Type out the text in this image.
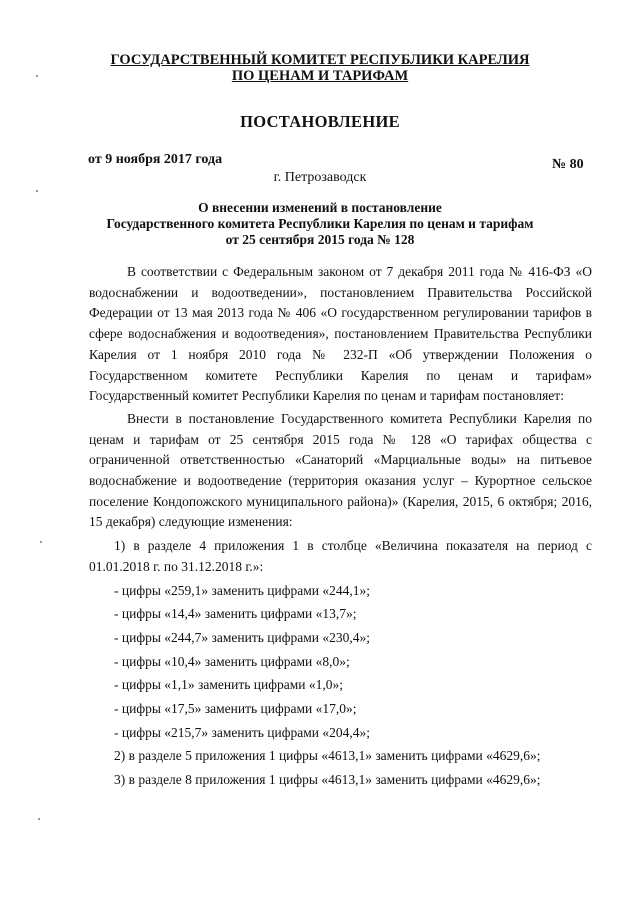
ГОСУДАРСТВЕННЫЙ КОМИТЕТ РЕСПУБЛИКИ КАРЕЛИЯ
ПО ЦЕНАМ И ТАРИФАМ
ПОСТАНОВЛЕНИЕ
от 9 ноября 2017 года	№ 80
г. Петрозаводск
О внесении изменений в постановление
Государственного комитета Республики Карелия по ценам и тарифам
от 25 сентября 2015 года № 128

В соответствии с Федеральным законом от 7 декабря 2011 года № 416-ФЗ «О водоснабжении и водоотведении», постановлением Правительства Российской Федерации от 13 мая 2013 года № 406 «О государственном регулировании тарифов в сфере водоснабжения и водоотведения», постановлением Правительства Республики Карелия от 1 ноября 2010 года № 232-П «Об утверждении Положения о Государственном комитете Республики Карелия по ценам и тарифам» Государственный комитет Республики Карелия по ценам и тарифам постановляет:

Внести в постановление Государственного комитета Республики Карелия по ценам и тарифам от 25 сентября 2015 года № 128 «О тарифах общества с ограниченной ответственностью «Санаторий «Марциальные воды» на питьевое водоснабжение и водоотведение (территория оказания услуг – Курортное сельское поселение Кондопожского муниципального района)» (Карелия, 2015, 6 октября; 2016, 15 декабря) следующие изменения:

1) в разделе 4 приложения 1 в столбце «Величина показателя на период с 01.01.2018 г. по 31.12.2018 г.»:

- цифры «259,1» заменить цифрами «244,1»;

- цифры «14,4» заменить цифрами «13,7»;

- цифры «244,7» заменить цифрами «230,4»;

- цифры «10,4» заменить цифрами «8,0»;

- цифры «1,1» заменить цифрами «1,0»;

- цифры «17,5» заменить цифрами «17,0»;

- цифры «215,7» заменить цифрами «204,4»;

2) в разделе 5 приложения 1 цифры «4613,1» заменить цифрами «4629,6»;

3) в разделе 8 приложения 1 цифры «4613,1» заменить цифрами «4629,6»;
